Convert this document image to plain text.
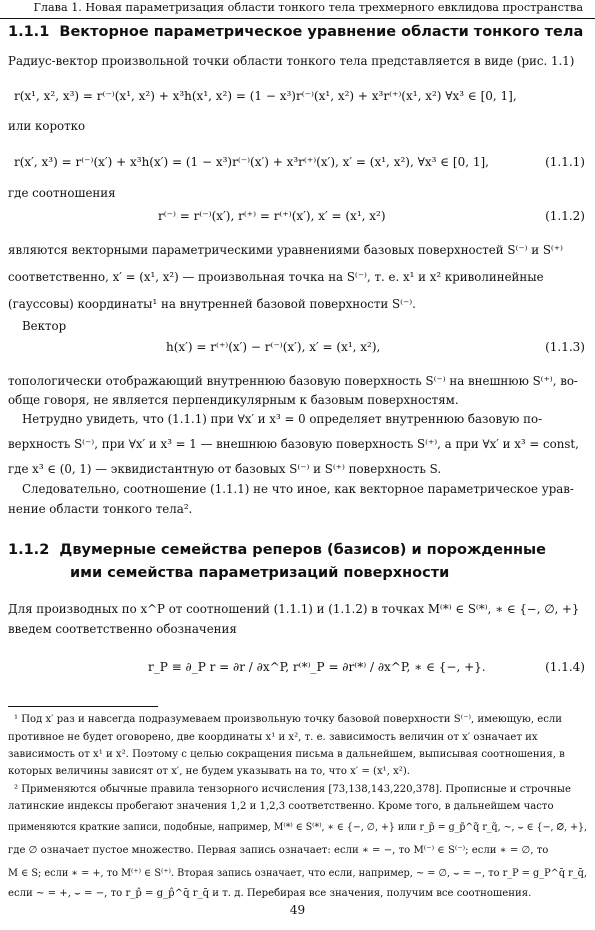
Глава 1. Новая параметризация области тонкого тела трехмерного евклидова пространства
1.1.1 Векторное параметрическое уравнение области тонкого тела
Радиус-вектор произвольной точки области тонкого тела представляется в виде (рис. 1.1)
r(x¹, x², x³) = r⁽⁻⁾(x¹, x²) + x³h(x¹, x²) = (1 − x³)r⁽⁻⁾(x¹, x²) + x³r⁽⁺⁾(x¹, x²) ∀x³ ∈ [0, 1],
или коротко
r(x′, x³) = r⁽⁻⁾(x′) + x³h(x′) = (1 − x³)r⁽⁻⁾(x′) + x³r⁽⁺⁾(x′), x′ = (x¹, x²), ∀x³ ∈ [0, 1],	(1.1.1)
где соотношения
r⁽⁻⁾ = r⁽⁻⁾(x′), r⁽⁺⁾ = r⁽⁺⁾(x′), x′ = (x¹, x²)	(1.1.2)
являются векторными параметрическими уравнениями базовых поверхностей S⁽⁻⁾ и S⁽⁺⁾
соответственно, x′ = (x¹, x²) — произвольная точка на S⁽⁻⁾, т. е. x¹ и x² криволинейные
(гауссовы) координаты¹ на внутренней базовой поверхности S⁽⁻⁾.
Вектор
h(x′) = r⁽⁺⁾(x′) − r⁽⁻⁾(x′), x′ = (x¹, x²),	(1.1.3)
топологически отображающий внутреннюю базовую поверхность S⁽⁻⁾ на внешнюю S⁽⁺⁾, во-
обще говоря, не является перпендикулярным к базовым поверхностям.
Нетрудно увидеть, что (1.1.1) при ∀x′ и x³ = 0 определяет внутреннюю базовую по-
верхность S⁽⁻⁾, при ∀x′ и x³ = 1 — внешнюю базовую поверхность S⁽⁺⁾, а при ∀x′ и x³ = const,
где x³ ∈ (0, 1) — эквидистантную от базовых S⁽⁻⁾ и S⁽⁺⁾ поверхность S.
Следовательно, соотношение (1.1.1) не что иное, как векторное параметрическое урав-
нение области тонкого тела².
1.1.2 Двумерные семейства реперов (базисов) и порожденные
ими семейства параметризаций поверхности
Для производных по x^P от соотношений (1.1.1) и (1.1.2) в точках M⁽*⁾ ∈ S⁽*⁾, ∗ ∈ {−, ∅, +}
введем соответственно обозначения
r_P ≡ ∂_P r = ∂r / ∂x^P, r⁽*⁾_P = ∂r⁽*⁾ / ∂x^P, ∗ ∈ {−, +}.	(1.1.4)
¹ Под x′ раз и навсегда подразумеваем произвольную точку базовой поверхности S⁽⁻⁾, имеющую, если
противное не будет оговорено, две координаты x¹ и x², т. е. зависимость величин от x′ означает их
зависимость от x¹ и x². Поэтому с целью сокращения письма в дальнейшем, выписывая соотношения, в
которых величины зависят от x′, не будем указывать на то, что x′ = (x¹, x²).
² Применяются обычные правила тензорного исчисления [73,138,143,220,378]. Прописные и строчные
латинские индексы пробегают значения 1,2 и 1,2,3 соответственно. Кроме того, в дальнейшем часто
применяются краткие записи, подобные, например, M⁽*⁾ ∈ S⁽*⁾, ∗ ∈ {−, ∅, +} или r_p̃ = g_p̃^q̃ r_q̃, ∼, ⌣ ∈ {−, ∅, +},
где ∅ означает пустое множество. Первая запись означает: если ∗ = −, то M⁽⁻⁾ ∈ S⁽⁻⁾; если ∗ = ∅, то
M ∈ S; если ∗ = +, то M⁽⁺⁾ ∈ S⁽⁺⁾. Вторая запись означает, что если, например, ∼ = ∅, ⌣ = −, то r_P = g_P^q̄ r_q̄,
если ∼ = +, ⌣ = −, то r_p̂ = g_p̂^q̄ r_q̄ и т. д. Перебирая все значения, получим все соотношения.
49
